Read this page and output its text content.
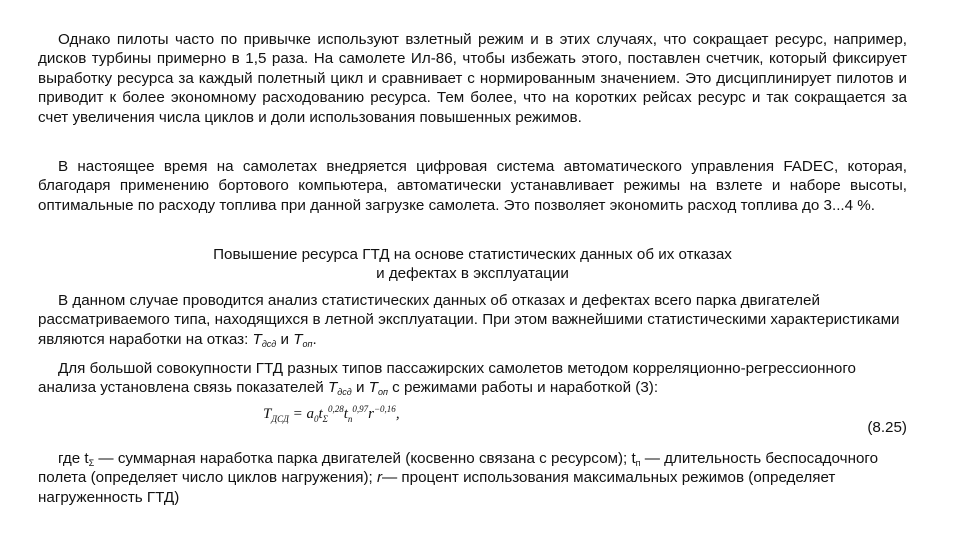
Однако пилоты часто по привычке используют взлетный режим и в этих случаях, что сокращает ресурс, например, дисков турбины примерно в 1,5 раза. На самолете Ил-86, чтобы избежать этого, поставлен счетчик, который фиксирует выработку ресурса за каждый полетный цикл и сравнивает с нормированным значением. Это дисциплинирует пилотов и приводит к более экономному расходованию ресурса. Тем более, что на коротких рейсах ресурс и так сокращается за счет увеличения числа циклов и доли использования повышенных режимов.

В настоящее время на самолетах внедряется цифровая система автоматического управления FADEC, которая, благодаря применению бортового компьютера, автоматически устанавливает режимы на взлете и наборе высоты, оптимальные по расходу топлива при данной загрузке самолета. Это позволяет экономить расход топлива до 3...4 %.

Повышение ресурса ГТД на основе статистических данных об их отказах

и дефектах в эксплуатации

В данном случае проводится анализ статистических данных об отказах и дефектах всего парка двигателей рассматриваемого типа, находящихся в летной эксплуатации. При этом важнейшими статистическими характеристиками являются наработки на отказ: $Т_{дсд}$ и $Т_{оп}$.

Для большой совокупности ГТД разных типов пассажирских самолетов методом корреляционно-регрессионного анализа установлена связь показателей $Т_{дсд}$ и $Т_{оп}$ с режимами работы и наработкой $(3):T_{ДСД} = a_0t_\Sigma^{0,28}t_п^{0,97}r^{-0,16}$,

(8.25)

где $t_\Sigma$ — суммарная наработка парка двигателей (косвенно связана с ресурсом); $t_п$ — длительность беспосадочного полета (определяет число циклов нагружения); r— процент использования максимальных режимов (определяет нагруженность ГТД)
